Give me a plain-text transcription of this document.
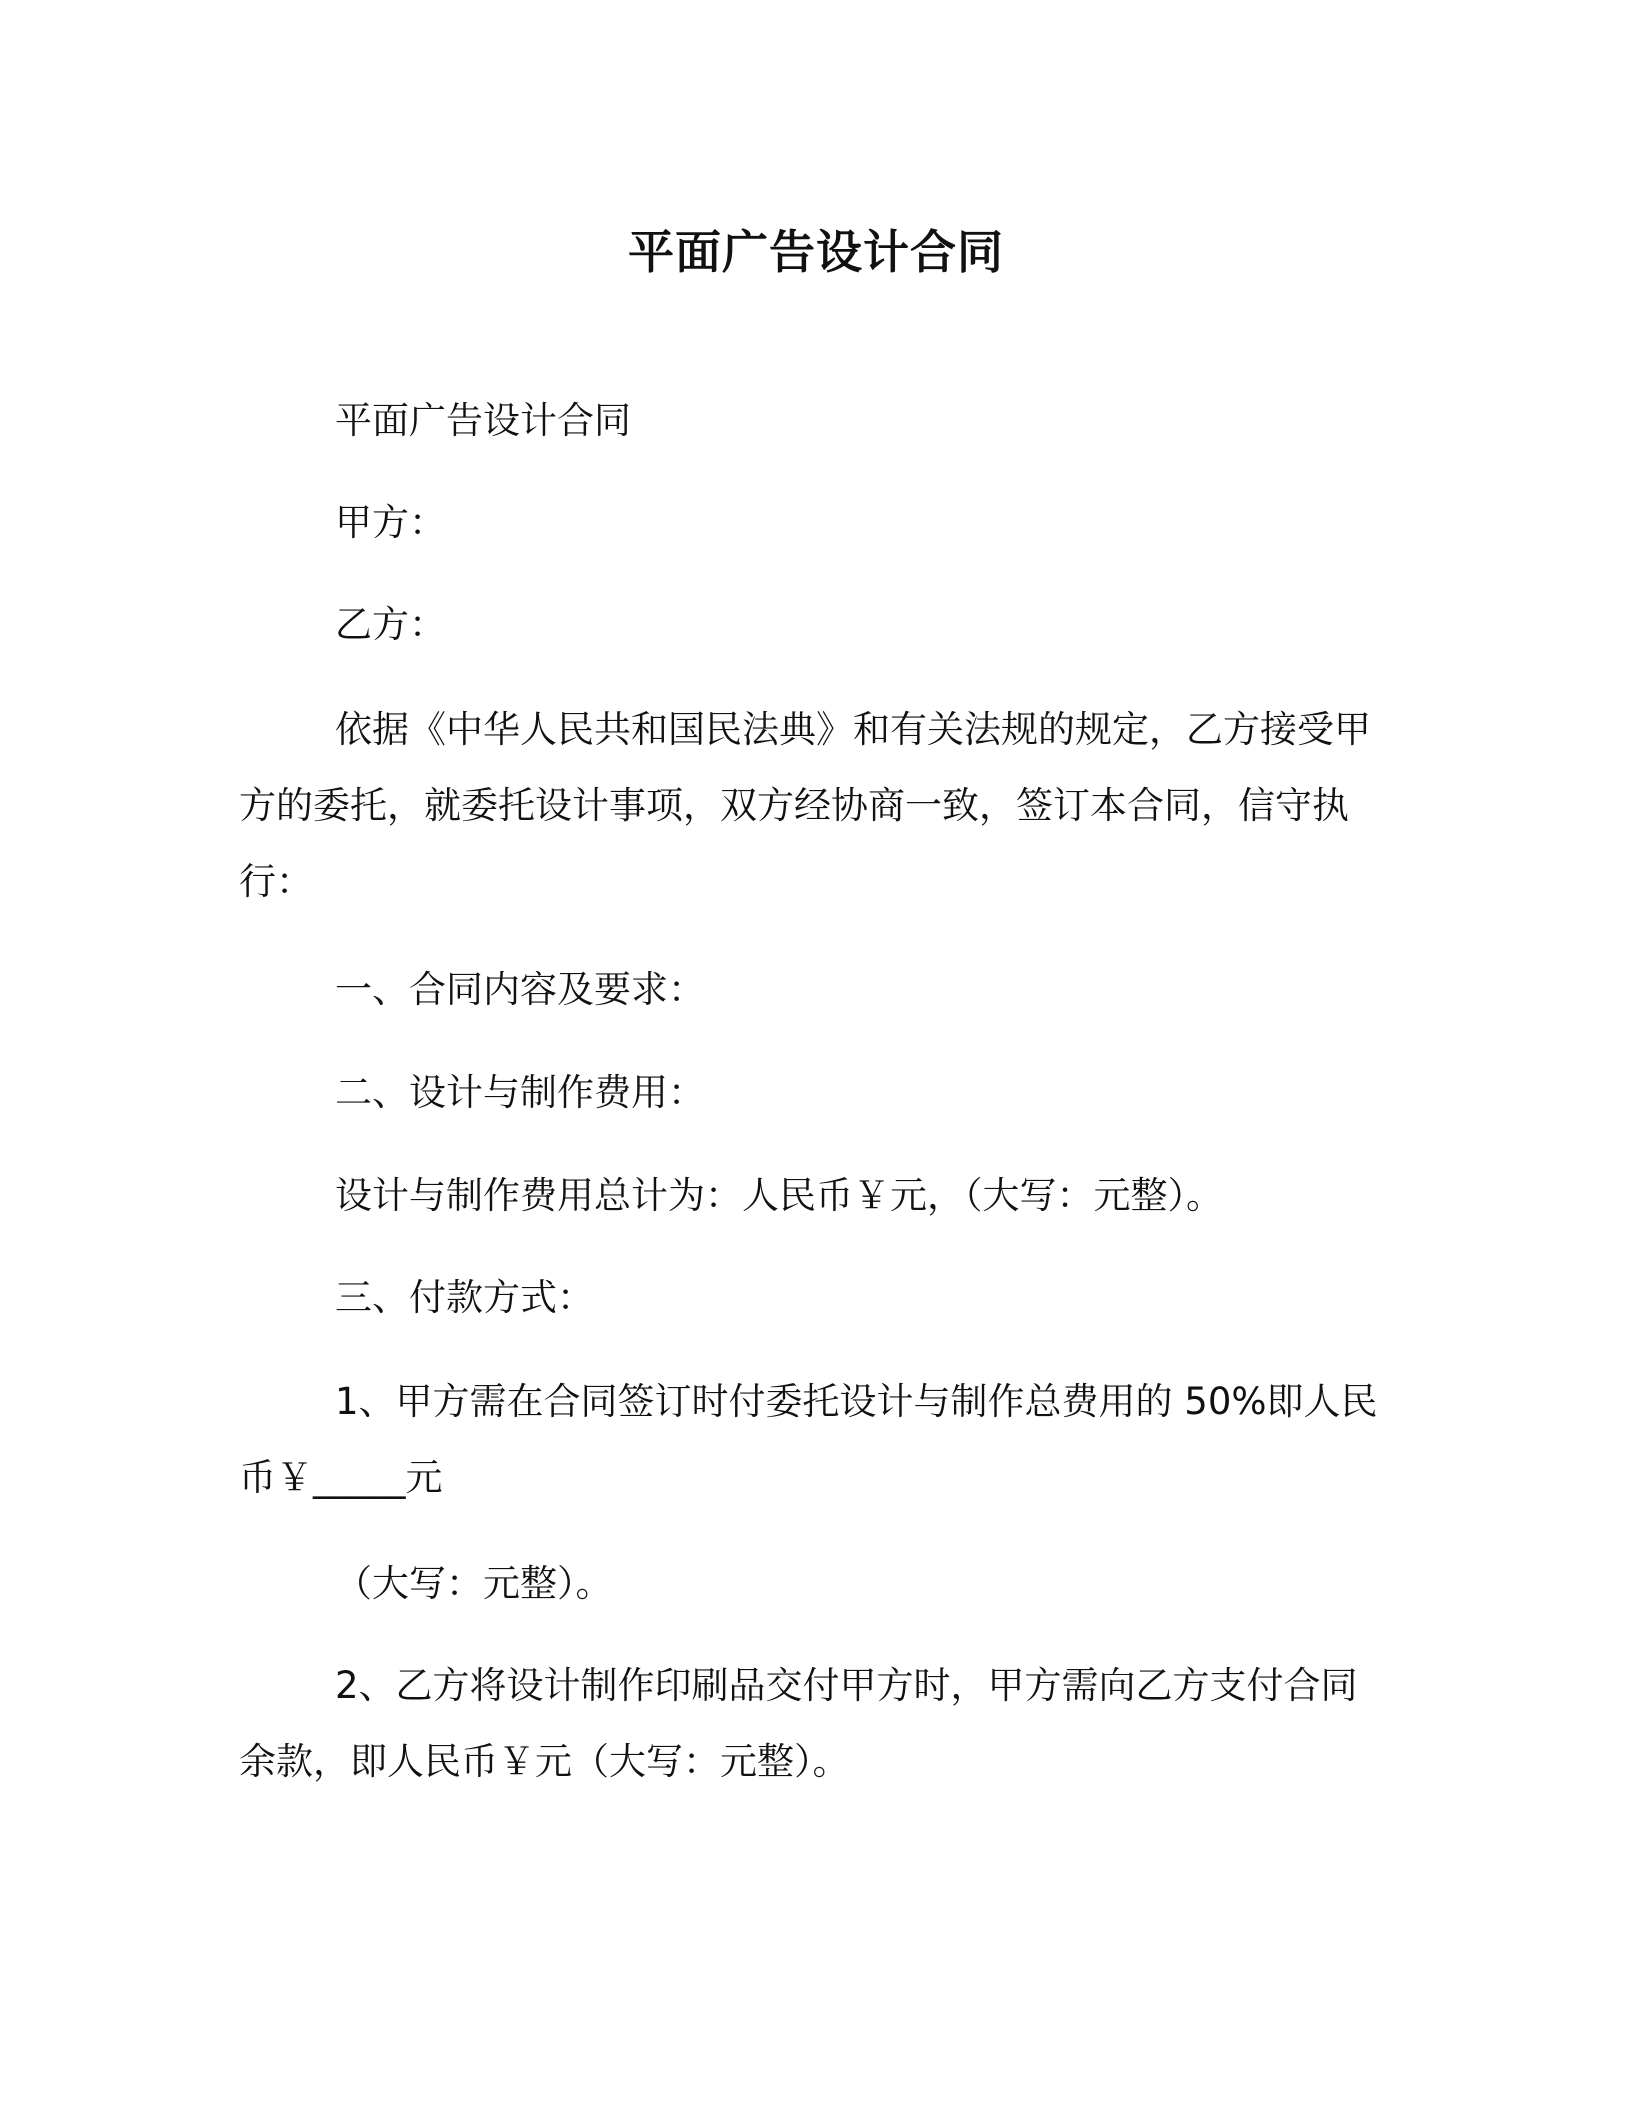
平面广告设计合同
平面广告设计合同
甲方：
乙方：
依据《中华人民共和国民法典》和有关法规的规定，乙方接受甲方的委托，就委托设计事项，双方经协商一致，签订本合同，信守执行：
一、合同内容及要求：
二、设计与制作费用：
设计与制作费用总计为：人民币￥元，（大写：元整）。
三、付款方式：
1、甲方需在合同签订时付委托设计与制作总费用的 50%即人民币￥_____元
（大写：元整）。
2、乙方将设计制作印刷品交付甲方时，甲方需向乙方支付合同余款，即人民币￥元（大写：元整）。
